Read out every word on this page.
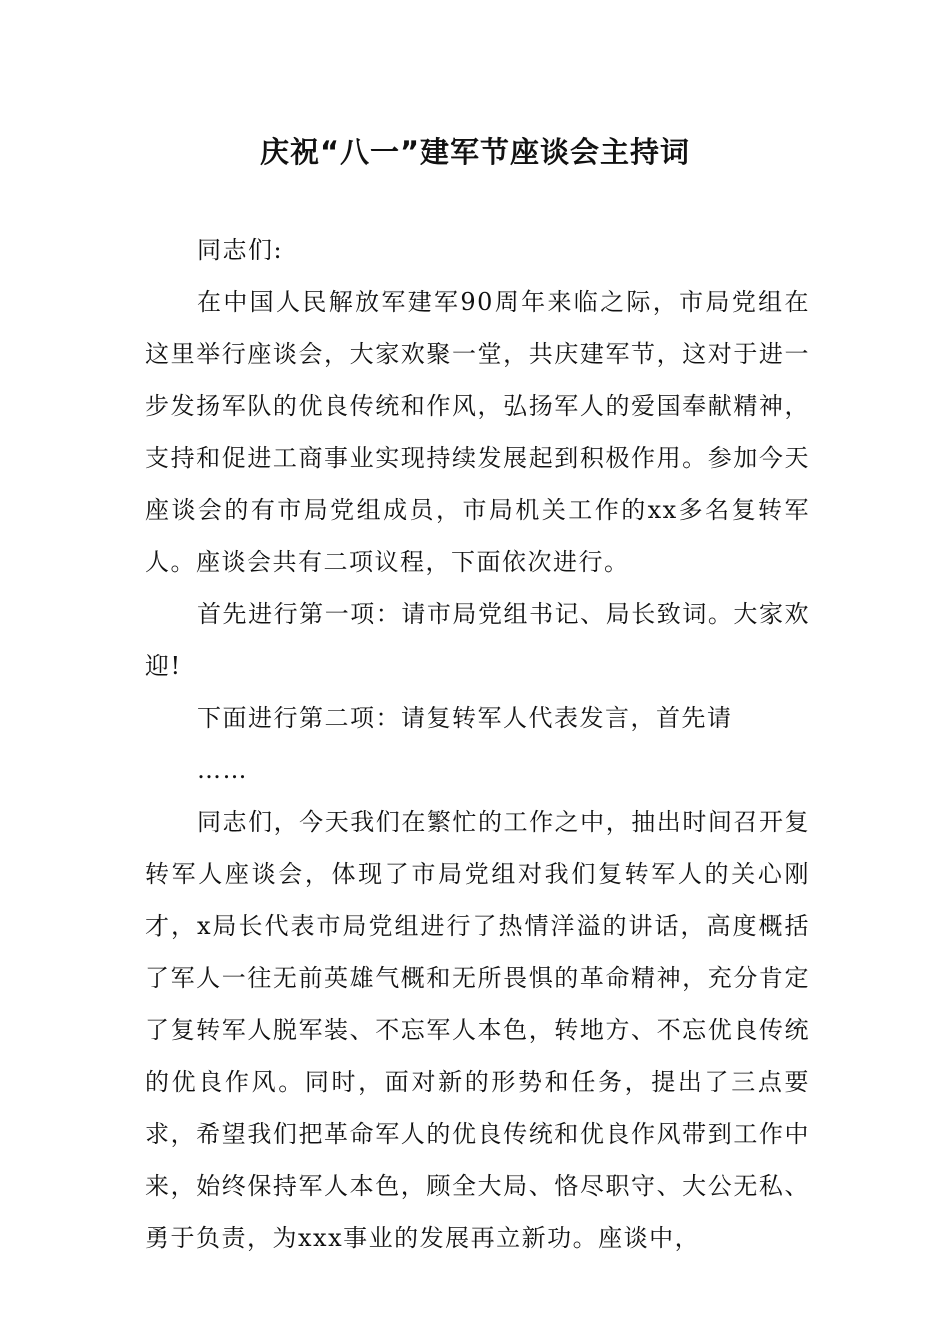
庆祝“八一”建军节座谈会主持词

同志们:

在中国人民解放军建军90周年来临之际，市局党组在这里举行座谈会，大家欢聚一堂，共庆建军节，这对于进一步发扬军队的优良传统和作风，弘扬军人的爱国奉献精神，支持和促进工商事业实现持续发展起到积极作用。参加今天座谈会的有市局党组成员，市局机关工作的xx多名复转军人。座谈会共有二项议程，下面依次进行。

首先进行第一项：请市局党组书记、局长致词。大家欢迎!

下面进行第二项：请复转军人代表发言，首先请

……

同志们，今天我们在繁忙的工作之中，抽出时间召开复转军人座谈会，体现了市局党组对我们复转军人的关心刚才，x局长代表市局党组进行了热情洋溢的讲话，高度概括了军人一往无前英雄气概和无所畏惧的革命精神，充分肯定了复转军人脱军装、不忘军人本色，转地方、不忘优良传统的优良作风。同时，面对新的形势和任务，提出了三点要求，希望我们把革命军人的优良传统和优良作风带到工作中来，始终保持军人本色，顾全大局、恪尽职守、大公无私、勇于负责，为xxx事业的发展再立新功。座谈中，
